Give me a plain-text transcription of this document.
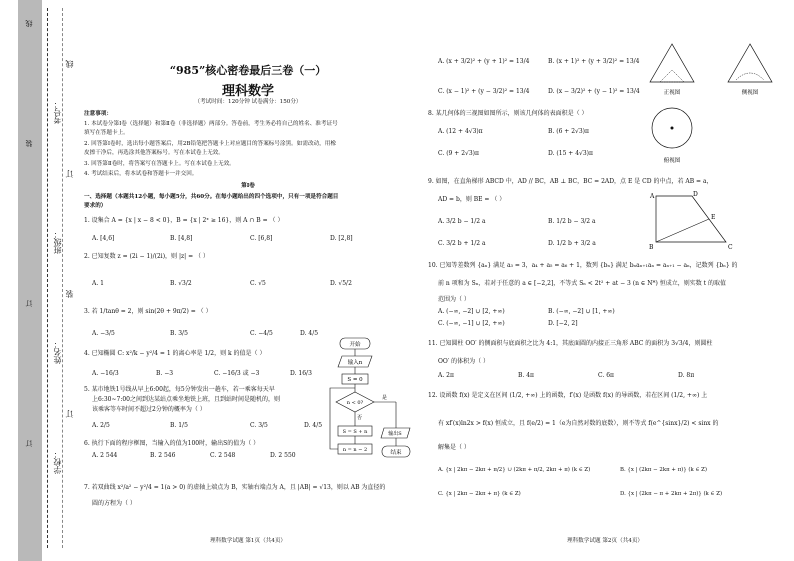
线
装
订
订
考号：
班级：
姓名：
学校：
线
订
装
订
“985”核心密卷最后三卷（一）
理科数学
（考试时间：120分钟 试卷满分：150分）
注意事项：
1. 本试卷分第Ⅰ卷（选择题）和第Ⅱ卷（非选择题）两部分。答卷前，考生务必将自己的姓名、准考证号
填写在答题卡上。
2. 回答第Ⅰ卷时，选出每小题答案后，用2B铅笔把答题卡上对应题目的答案标号涂黑。如需改动，用橡
皮擦干净后，再选涂其他答案标号。写在本试卷上无效。
3. 回答第Ⅱ卷时，将答案写在答题卡上。写在本试卷上无效。
4. 考试结束后，将本试卷和答题卡一并交回。
第Ⅰ卷
一、选择题（本题共12小题，每小题5分，共60分。在每小题给出的四个选项中，只有一项是符合题目
要求的）
1. 设集合 A = {x | x − 8 < 0}，B = {x | 2ˣ ≥ 16}，则 A ∩ B = （ ）
A. [4,6]	B. [4,8]	C. [6,8]	D. [2,8]
2. 已知复数 z = (2i − 1)/(2i)，则 |z| = （ ）
A. 1	B. √3/2	C. √5	D. √5/2
3. 若 1/tanθ = 2，则 sin(2θ + 9π/2) = （ ）
A. −3/5	B. 3/5	C. −4/5	D. 4/5
4. 已知椭圆 C: x²/k − y²/4 = 1 的离心率是 1/2，则 k 的值是（ ）
A. −16/3	B. −3	C. −16/3 或 −3	D. 16/3
5. 某市地铁1号线从早上6:00起，每5分钟发出一趟车，若一乘客每天早
上6:30~7:00之间到达某站点乘坐地铁上班，且到站时间是随机的，则
该乘客等车时间不超过2分钟的概率为（ ）
A. 2/5	B. 1/5	C. 3/5	D. 4/5
6. 执行下面的程序框图，当输入的值为100时，输出S的值为（ ）
A. 2 544	B. 2 546	C. 2 548	D. 2 550
7. 若双曲线 x²/a² − y²/4 = 1(a > 0) 的虚轴上端点为 B，实轴右端点为 A，且 |AB| = √13，则以 AB 为直径的
圆的方程为（ ）
理科数学试题 第1页（共4页）
开始
输入n
S = 0
n < 0?
是
否
S = S + n
n = n − 2
输出S
结束
A. (x + 3/2)² + (y + 1)² = 13/4	B. (x + 1)² + (y + 3/2)² = 13/4
C. (x − 1)² + (y − 3/2)² = 13/4	D. (x − 3/2)² + (y − 1)² = 13/4
8. 某几何体的三视图如图所示，则该几何体的表面积是（ ）
A. (12 + 4√3)π	B. (6 + 2√3)π
C. (9 + 2√3)π	D. (15 + 4√3)π
正视图	侧视图
俯视图
9. 如图，在直角梯形 ABCD 中，AD // BC，AB ⊥ BC，BC = 2AD，点 E 是 CD 的中点，若 AB = a，
AD = b，则 BE = （ ）
A. 3/2 b − 1/2 a	B. 1/2 b − 3/2 a
C. 3/2 b + 1/2 a	D. 1/2 b + 3/2 a
A	D
E
B	C
10. 已知等差数列 {aₙ} 满足 a₃ = 3，a₄ + a₅ = a₆ + 1，数列 {bₙ} 满足 bₙaₙ₊₁aₙ = aₙ₊₁ − aₙ，记数列 {bₙ} 的
前 n 项和为 Sₙ，若对于任意的 a ∈ [−2,2]，不等式 Sₙ < 2t² + at − 3 (n ∈ N*) 恒成立，则实数 t 的取值
范围为（ ）
A. (−∞, −2] ∪ [2, +∞)	B. (−∞, −2] ∪ [1, +∞)
C. (−∞, −1] ∪ [2, +∞)	D. [−2, 2]
11. 已知圆柱 OO′ 的侧面积与底面积之比为 4:1，其底面圆的内接正三角形 ABC 的面积为 3√3/4，则圆柱
OO′ 的体积为（ ）
A. 2π	B. 4π	C. 6π	D. 8π
12. 设函数 f(x) 是定义在区间 (1/2, +∞) 上的函数，f′(x) 是函数 f(x) 的导函数，若在区间 (1/2, +∞) 上
有 xf′(x)ln2x > f(x) 恒成立，且 f(e/2) = 1（e为自然对数的底数），则不等式 f(e^{sinx}/2) < sinx 的
解集是（ ）
A. {x | 2kπ − 2kπ + π/2} ∪ (2kπ + π/2, 2kπ + π) (k ∈ Z)	B. {x | (2kπ − 2kπ + π)} (k ∈ Z)
C. {x | 2kπ − 2kπ + π} (k ∈ Z)	D. {x | (2kπ − π + 2kπ + 2π)} (k ∈ Z)
理科数学试题 第2页（共4页）
